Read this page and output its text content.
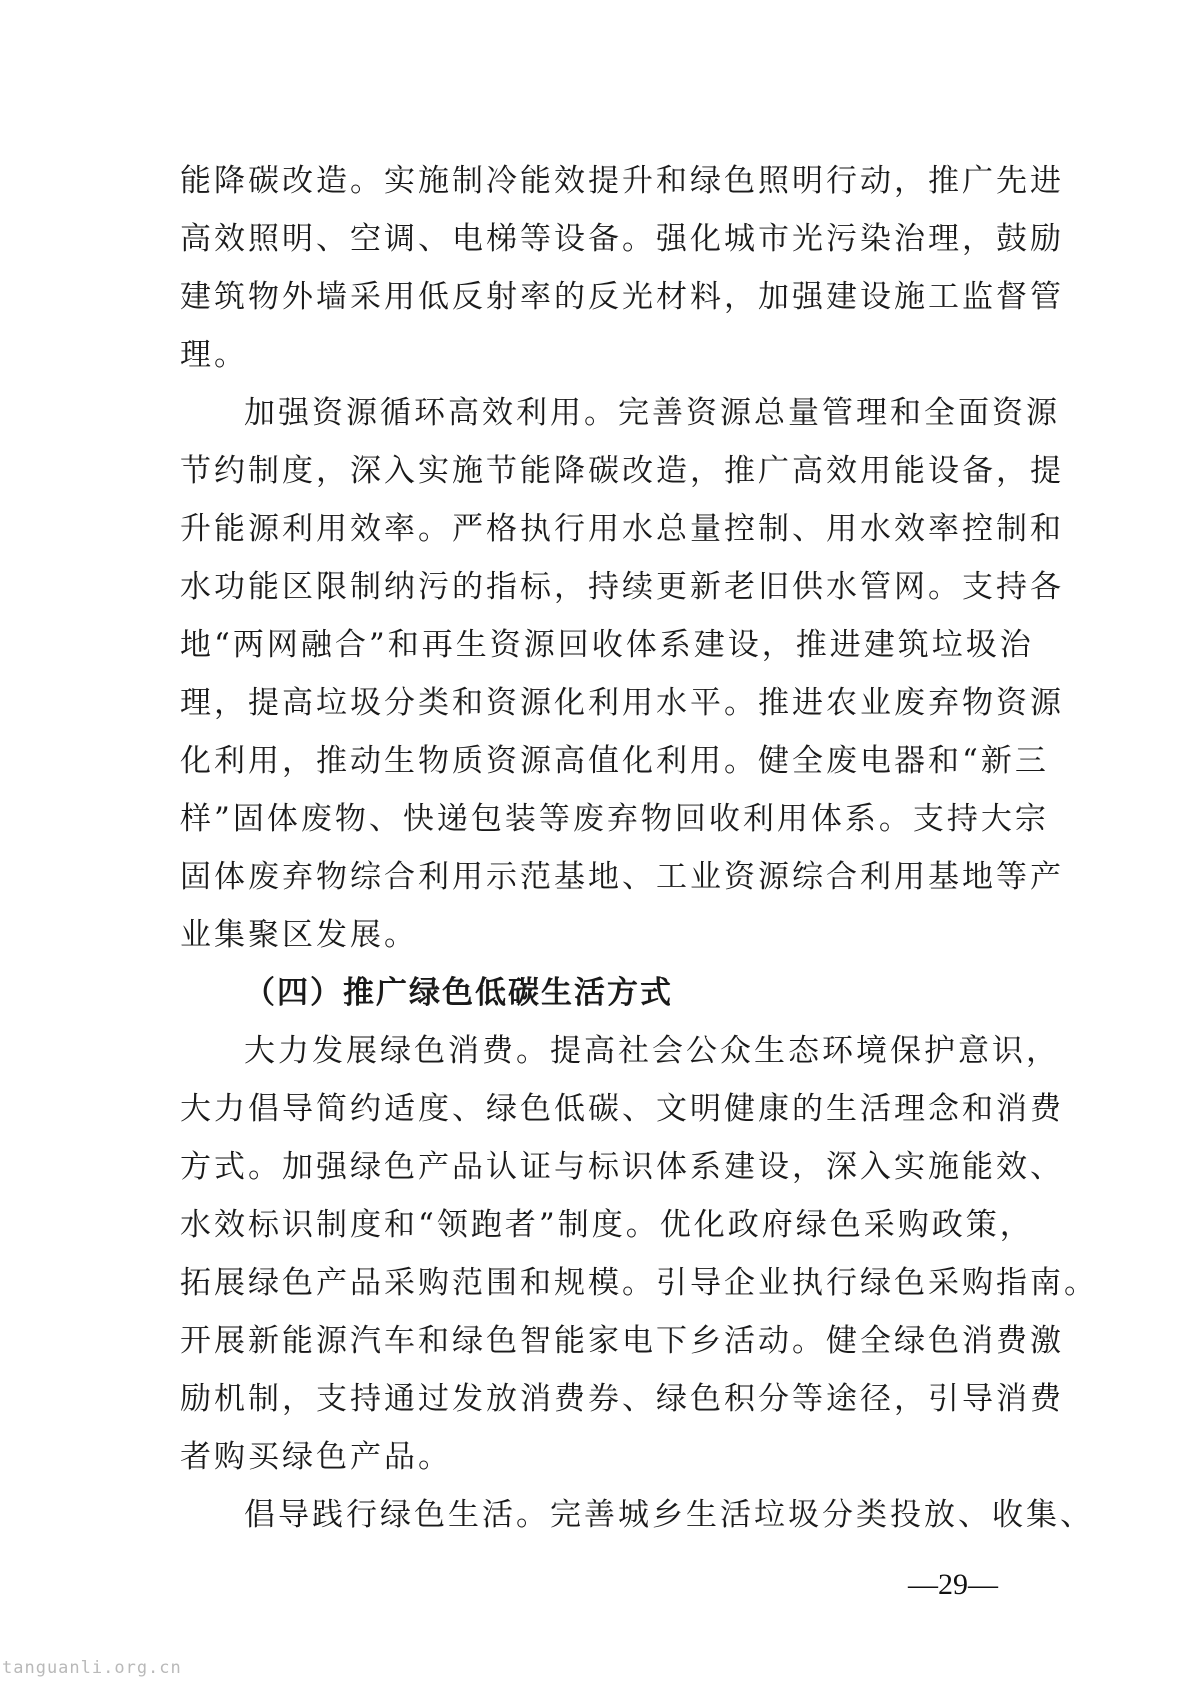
能降碳改造。实施制冷能效提升和绿色照明行动，推广先进
高效照明、空调、电梯等设备。强化城市光污染治理，鼓励
建筑物外墙采用低反射率的反光材料，加强建设施工监督管
理。
加强资源循环高效利用。完善资源总量管理和全面资源
节约制度，深入实施节能降碳改造，推广高效用能设备，提
升能源利用效率。严格执行用水总量控制、用水效率控制和
水功能区限制纳污的指标，持续更新老旧供水管网。支持各
地“两网融合”和再生资源回收体系建设，推进建筑垃圾治
理，提高垃圾分类和资源化利用水平。推进农业废弃物资源
化利用，推动生物质资源高值化利用。健全废电器和“新三
样”固体废物、快递包装等废弃物回收利用体系。支持大宗
固体废弃物综合利用示范基地、工业资源综合利用基地等产
业集聚区发展。
（四）推广绿色低碳生活方式
大力发展绿色消费。提高社会公众生态环境保护意识，
大力倡导简约适度、绿色低碳、文明健康的生活理念和消费
方式。加强绿色产品认证与标识体系建设，深入实施能效、
水效标识制度和“领跑者”制度。优化政府绿色采购政策，
拓展绿色产品采购范围和规模。引导企业执行绿色采购指南。
开展新能源汽车和绿色智能家电下乡活动。健全绿色消费激
励机制，支持通过发放消费券、绿色积分等途径，引导消费
者购买绿色产品。
倡导践行绿色生活。完善城乡生活垃圾分类投放、收集、
—29—
tanguanli.org.cn
